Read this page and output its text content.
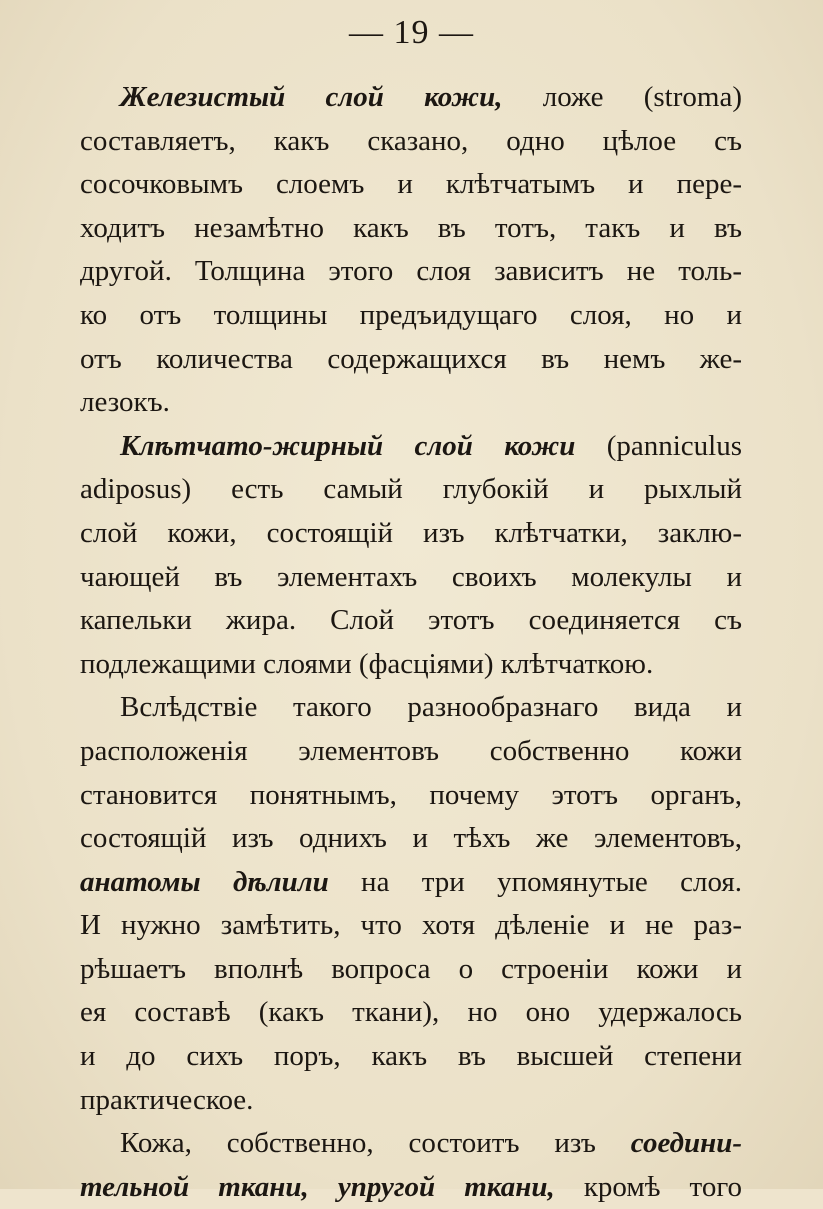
— 19 —
Железистый слой кожи, ложе (stroma)
составляетъ, какъ сказано, одно цѣлое съ
сосочковымъ слоемъ и клѣтчатымъ и пере-
ходитъ незамѣтно какъ въ тотъ, такъ и въ
другой. Толщина этого слоя зависитъ не толь-
ко отъ толщины предъидущаго слоя, но и
отъ количества содержащихся въ немъ же-
лезокъ.
Клѣтчато-жирный слой кожи (panniculus
adiposus) есть самый глубокій и рыхлый
слой кожи, состоящій изъ клѣтчатки, заклю-
чающей въ элементахъ своихъ молекулы и
капельки жира. Слой этотъ соединяется съ
подлежащими слоями (фасціями) клѣтчаткою.
Вслѣдствіе такого разнообразнаго вида и
расположенія элементовъ собственно кожи
становится понятнымъ, почему этотъ органъ,
состоящій изъ однихъ и тѣхъ же элементовъ,
анатомы дѣлили на три упомянутые слоя.
И нужно замѣтить, что хотя дѣленіе и не раз-
рѣшаетъ вполнѣ вопроса о строеніи кожи и
ея составѣ (какъ ткани), но оно удержалось
и до сихъ поръ, какъ въ высшей степени
практическое.
Кожа, собственно, состоитъ изъ соедини-
тельной ткани, упругой ткани, кромѣ того
